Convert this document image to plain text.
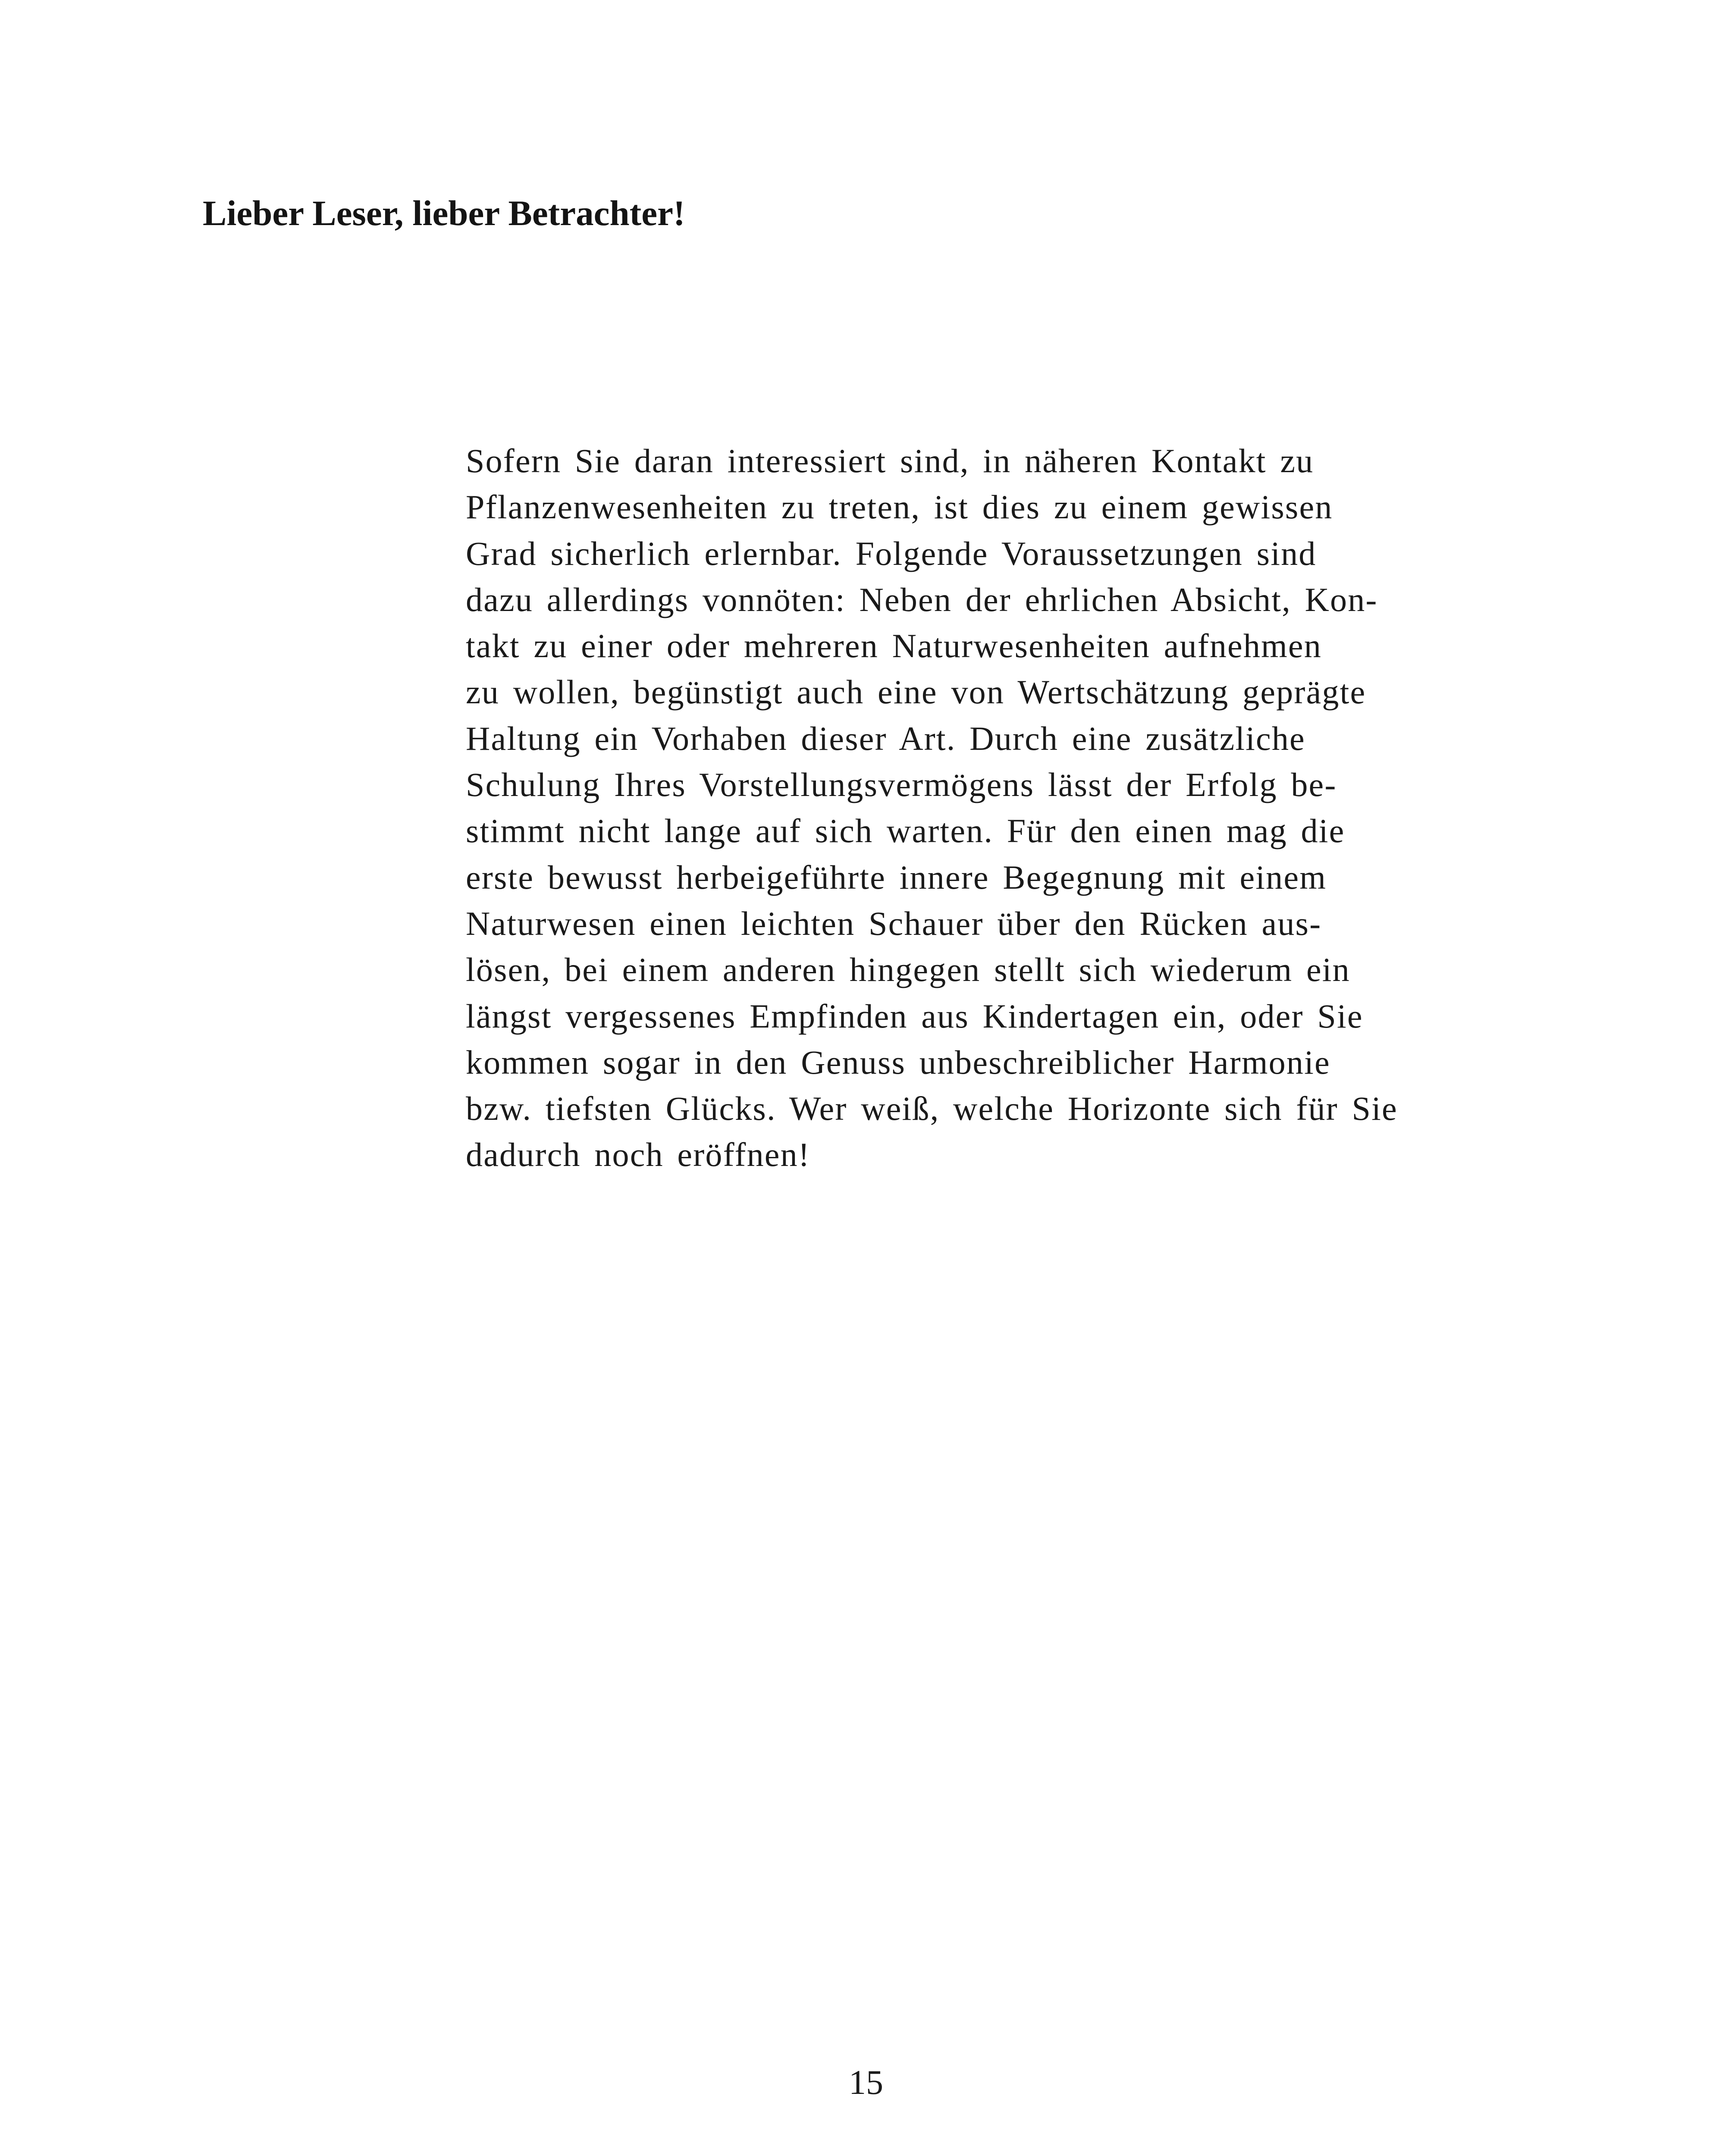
Lieber Leser, lieber Betrachter!
Sofern Sie daran interessiert sind, in näheren Kontakt zu
Pflanzenwesenheiten zu treten, ist dies zu einem gewissen
Grad sicherlich erlernbar. Folgende Voraussetzungen sind
dazu allerdings vonnöten: Neben der ehrlichen Absicht, Kon-
takt zu einer oder mehreren Naturwesenheiten aufnehmen
zu wollen, begünstigt auch eine von Wertschätzung geprägte
Haltung ein Vorhaben dieser Art. Durch eine zusätzliche
Schulung Ihres Vorstellungsvermögens lässt der Erfolg be-
stimmt nicht lange auf sich warten. Für den einen mag die
erste bewusst herbeigeführte innere Begegnung mit einem
Naturwesen einen leichten Schauer über den Rücken aus-
lösen, bei einem anderen hingegen stellt sich wiederum ein
längst vergessenes Empfinden aus Kindertagen ein, oder Sie
kommen sogar in den Genuss unbeschreiblicher Harmonie
bzw. tiefsten Glücks. Wer weiß, welche Horizonte sich für Sie
dadurch noch eröffnen!

15
